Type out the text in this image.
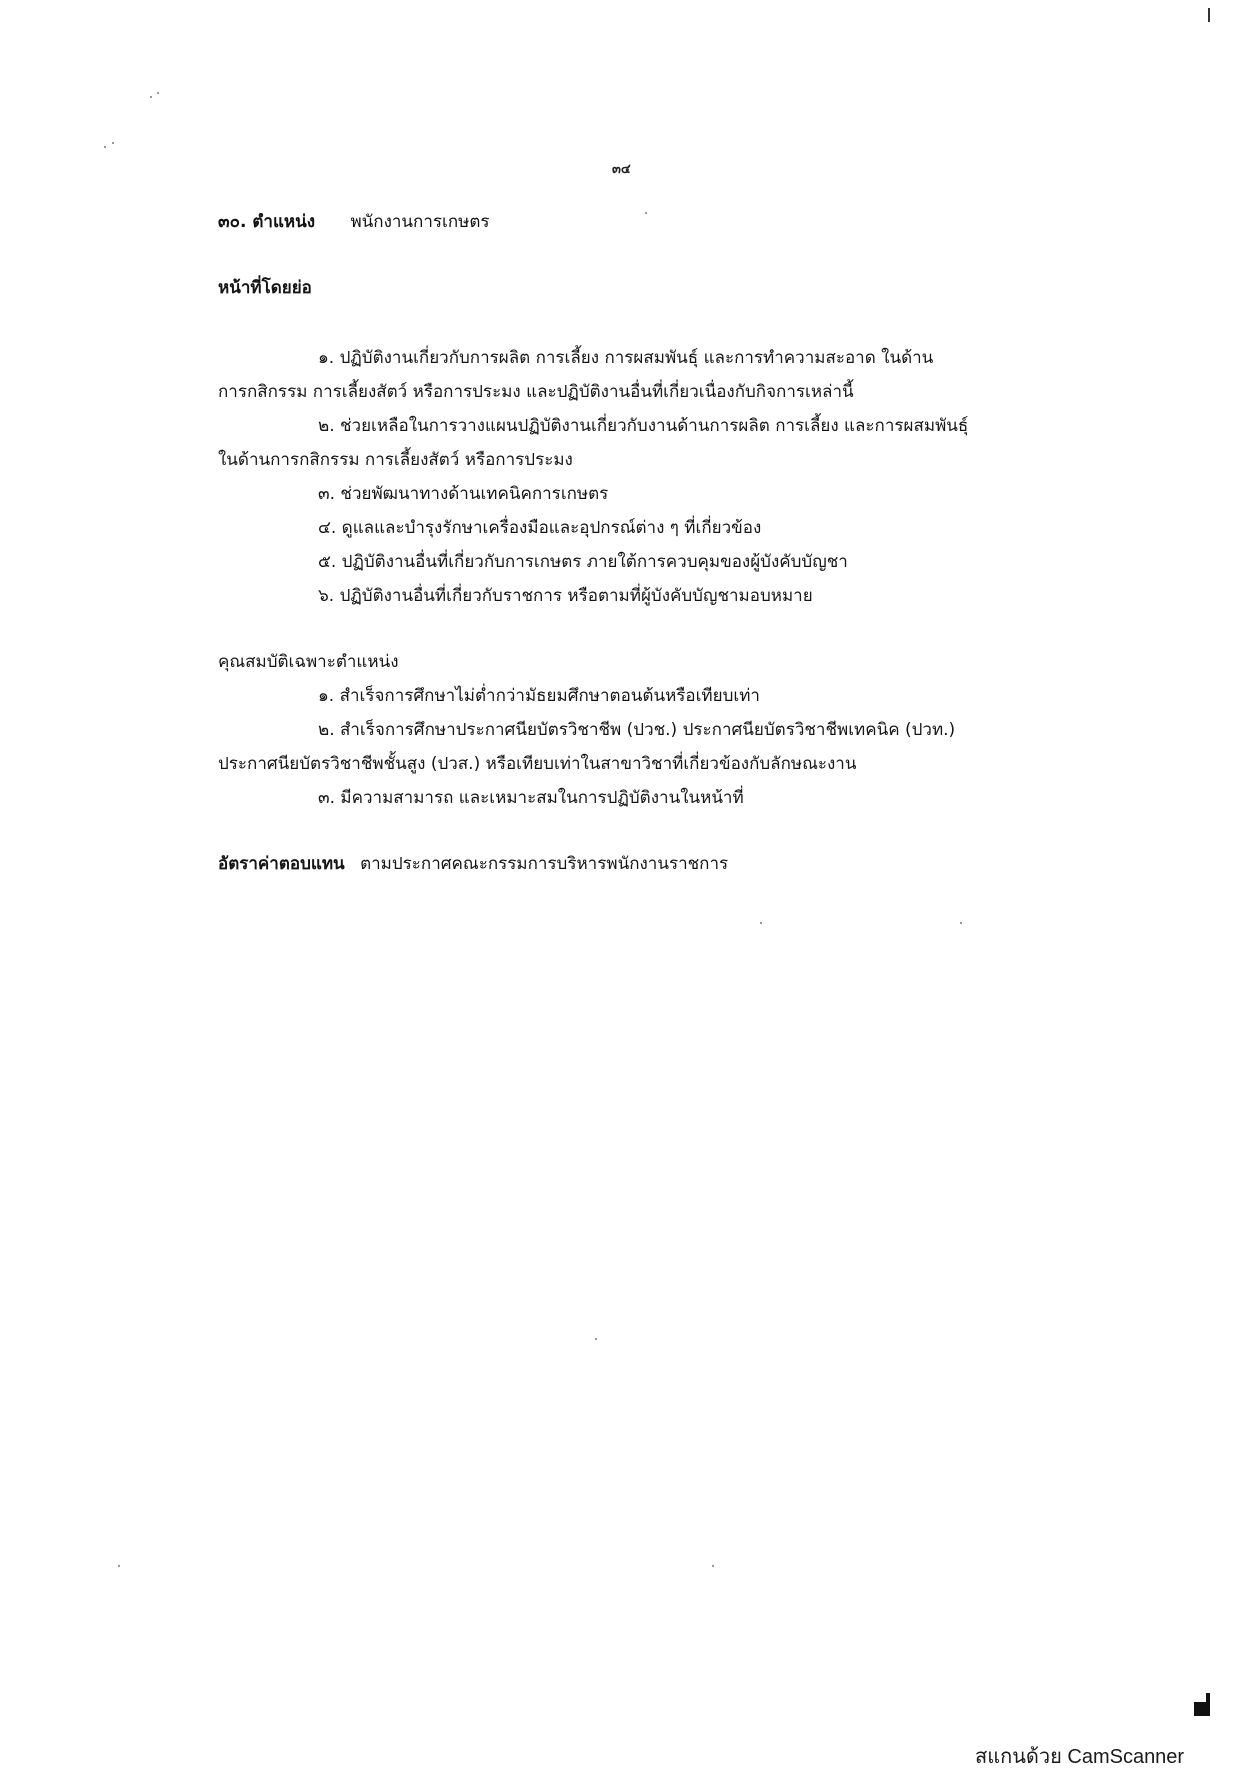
๓๔
๓๐. ตำแหน่ง พนักงานการเกษตร
หน้าที่โดยย่อ
๑. ปฏิบัติงานเกี่ยวกับการผลิต การเลี้ยง การผสมพันธุ์ และการทำความสะอาด ในด้าน
การกสิกรรม การเลี้ยงสัตว์ หรือการประมง และปฏิบัติงานอื่นที่เกี่ยวเนื่องกับกิจการเหล่านี้
๒. ช่วยเหลือในการวางแผนปฏิบัติงานเกี่ยวกับงานด้านการผลิต การเลี้ยง และการผสมพันธุ์
ในด้านการกสิกรรม การเลี้ยงสัตว์ หรือการประมง
๓. ช่วยพัฒนาทางด้านเทคนิคการเกษตร
๔. ดูแลและบำรุงรักษาเครื่องมือและอุปกรณ์ต่าง ๆ ที่เกี่ยวข้อง
๕. ปฏิบัติงานอื่นที่เกี่ยวกับการเกษตร ภายใต้การควบคุมของผู้บังคับบัญชา
๖. ปฏิบัติงานอื่นที่เกี่ยวกับราชการ หรือตามที่ผู้บังคับบัญชามอบหมาย
คุณสมบัติเฉพาะตำแหน่ง
๑. สำเร็จการศึกษาไม่ต่ำกว่ามัธยมศึกษาตอนต้นหรือเทียบเท่า
๒. สำเร็จการศึกษาประกาศนียบัตรวิชาชีพ (ปวช.) ประกาศนียบัตรวิชาชีพเทคนิค (ปวท.)
ประกาศนียบัตรวิชาชีพชั้นสูง (ปวส.) หรือเทียบเท่าในสาขาวิชาที่เกี่ยวข้องกับลักษณะงาน
๓. มีความสามารถ และเหมาะสมในการปฏิบัติงานในหน้าที่
อัตราค่าตอบแทน ตามประกาศคณะกรรมการบริหารพนักงานราชการ
สแกนด้วย CamScanner
